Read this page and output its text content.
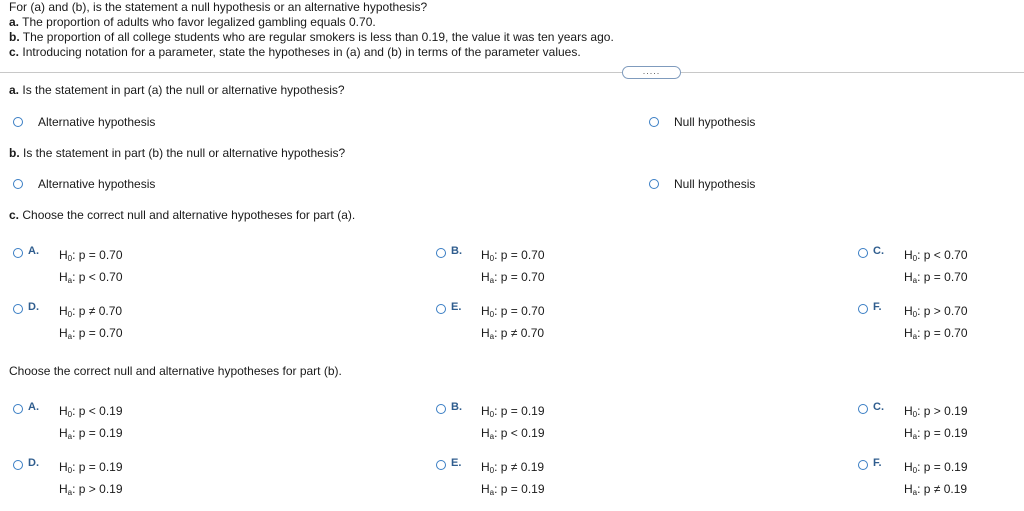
For (a) and (b), is the statement a null hypothesis or an alternative hypothesis?
a. The proportion of adults who favor legalized gambling equals 0.70.
b. The proportion of all college students who are regular smokers is less than 0.19, the value it was ten years ago.
c. Introducing notation for a parameter, state the hypotheses in (a) and (b) in terms of the parameter values.
.....
a. Is the statement in part (a) the null or alternative hypothesis?
Alternative hypothesis	Null hypothesis
b. Is the statement in part (b) the null or alternative hypothesis?
Alternative hypothesis	Null hypothesis
c. Choose the correct null and alternative hypotheses for part (a).
A. $H_0$: p = 0.70
$H_a$: p < 0.70
B. $H_0$: p = 0.70
$H_a$: p = 0.70
C. $H_0$: p < 0.70
$H_a$: p = 0.70
D. $H_0$: p ≠ 0.70
$H_a$: p = 0.70
E. $H_0$: p = 0.70
$H_a$: p ≠ 0.70
F. $H_0$: p > 0.70
$H_a$: p = 0.70
Choose the correct null and alternative hypotheses for part (b).
A. $H_0$: p < 0.19
$H_a$: p = 0.19
B. $H_0$: p = 0.19
$H_a$: p < 0.19
C. $H_0$: p > 0.19
$H_a$: p = 0.19
D. $H_0$: p = 0.19
$H_a$: p > 0.19
E. $H_0$: p ≠ 0.19
$H_a$: p = 0.19
F. $H_0$: p = 0.19
$H_a$: p ≠ 0.19
